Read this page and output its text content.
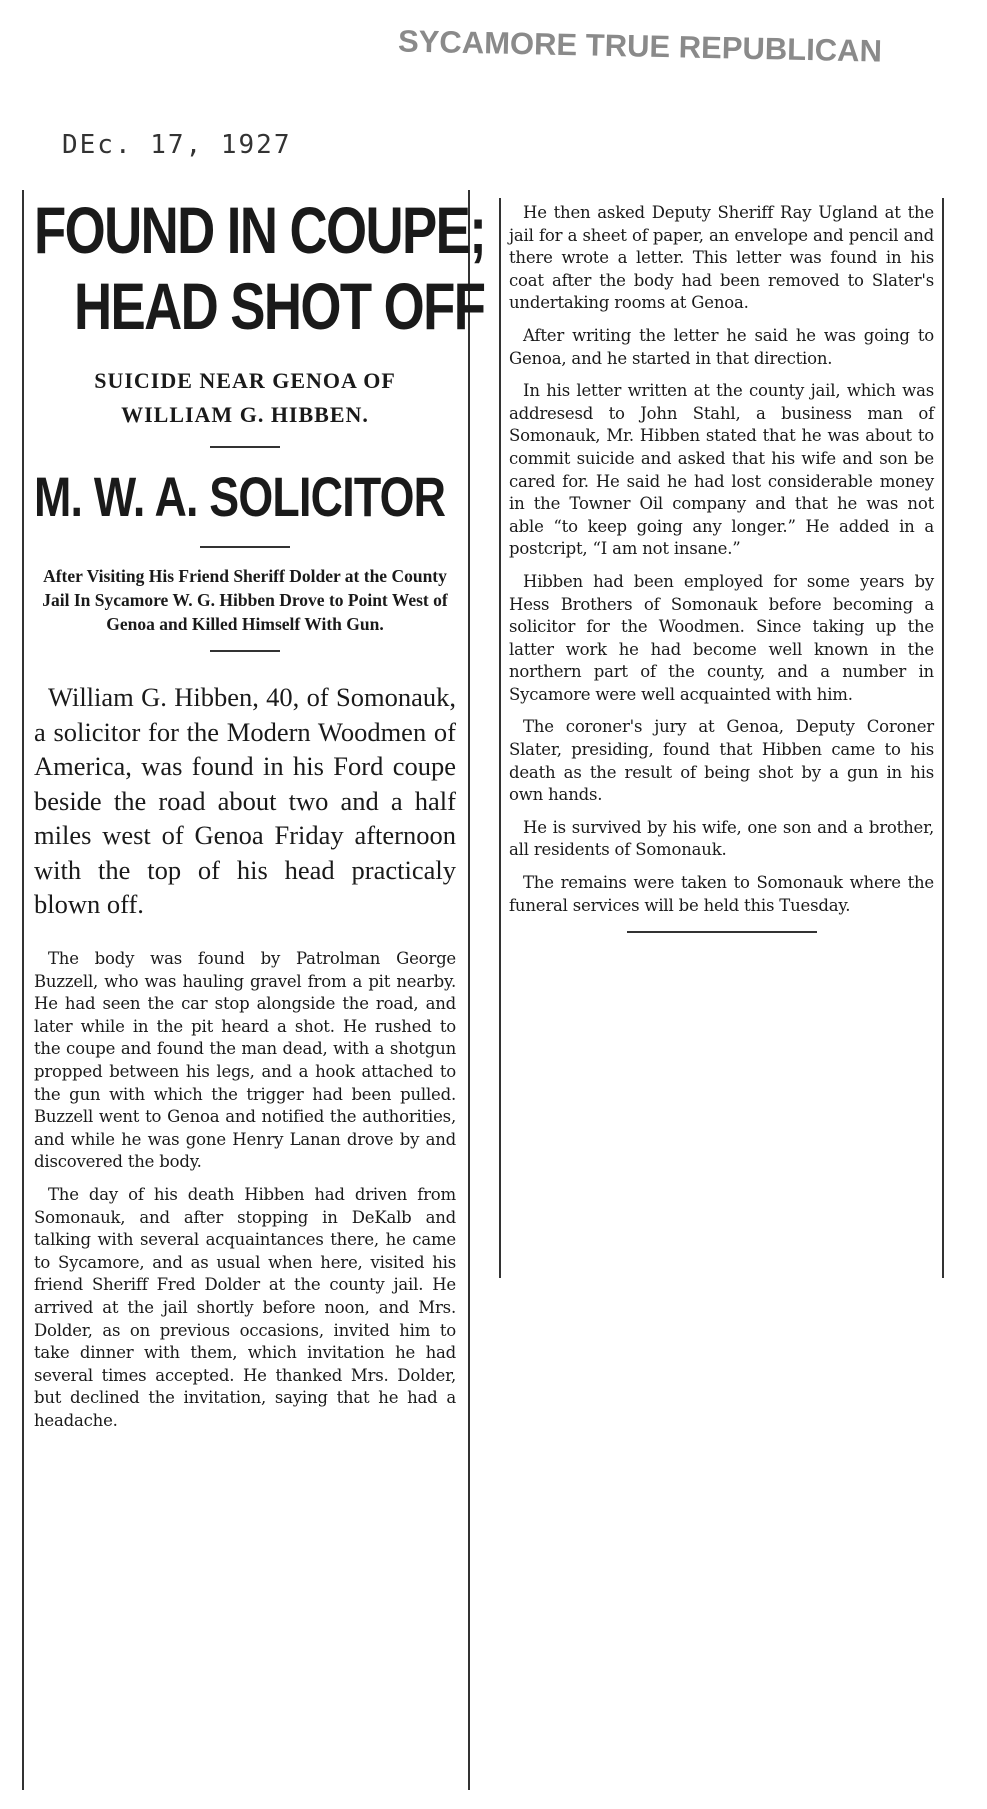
SYCAMORE TRUE REPUBLICAN
DEc. 17, 1927
FOUND IN COUPE;
HEAD SHOT OFF
SUICIDE NEAR GENOA OF
WILLIAM G. HIBBEN.
M. W. A. SOLICITOR
After Visiting His Friend Sheriff Dolder at the County Jail In Sycamore W. G. Hibben Drove to Point West of Genoa and Killed Himself With Gun.

William G. Hibben, 40, of Somonauk, a solicitor for the Modern Woodmen of America, was found in his Ford coupe beside the road about two and a half miles west of Genoa Friday afternoon with the top of his head practicaly blown off.

The body was found by Patrolman George Buzzell, who was hauling gravel from a pit nearby. He had seen the car stop alongside the road, and later while in the pit heard a shot. He rushed to the coupe and found the man dead, with a shotgun propped between his legs, and a hook attached to the gun with which the trigger had been pulled. Buzzell went to Genoa and notified the authorities, and while he was gone Henry Lanan drove by and discovered the body.

The day of his death Hibben had driven from Somonauk, and after stopping in DeKalb and talking with several acquaintances there, he came to Sycamore, and as usual when here, visited his friend Sheriff Fred Dolder at the county jail. He arrived at the jail shortly before noon, and Mrs. Dolder, as on previous occasions, invited him to take dinner with them, which invitation he had several times accepted. He thanked Mrs. Dolder, but declined the invitation, saying that he had a headache.

He then asked Deputy Sheriff Ray Ugland at the jail for a sheet of paper, an envelope and pencil and there wrote a letter. This letter was found in his coat after the body had been removed to Slater's undertaking rooms at Genoa.

After writing the letter he said he was going to Genoa, and he started in that direction.

In his letter written at the county jail, which was addresesd to John Stahl, a business man of Somonauk, Mr. Hibben stated that he was about to commit suicide and asked that his wife and son be cared for. He said he had lost considerable money in the Towner Oil company and that he was not able “to keep going any longer.” He added in a postcript, “I am not insane.”

Hibben had been employed for some years by Hess Brothers of Somonauk before becoming a solicitor for the Woodmen. Since taking up the latter work he had become well known in the northern part of the county, and a number in Sycamore were well acquainted with him.

The coroner's jury at Genoa, Deputy Coroner Slater, presiding, found that Hibben came to his death as the result of being shot by a gun in his own hands.

He is survived by his wife, one son and a brother, all residents of Somonauk.

The remains were taken to Somonauk where the funeral services will be held this Tuesday.
